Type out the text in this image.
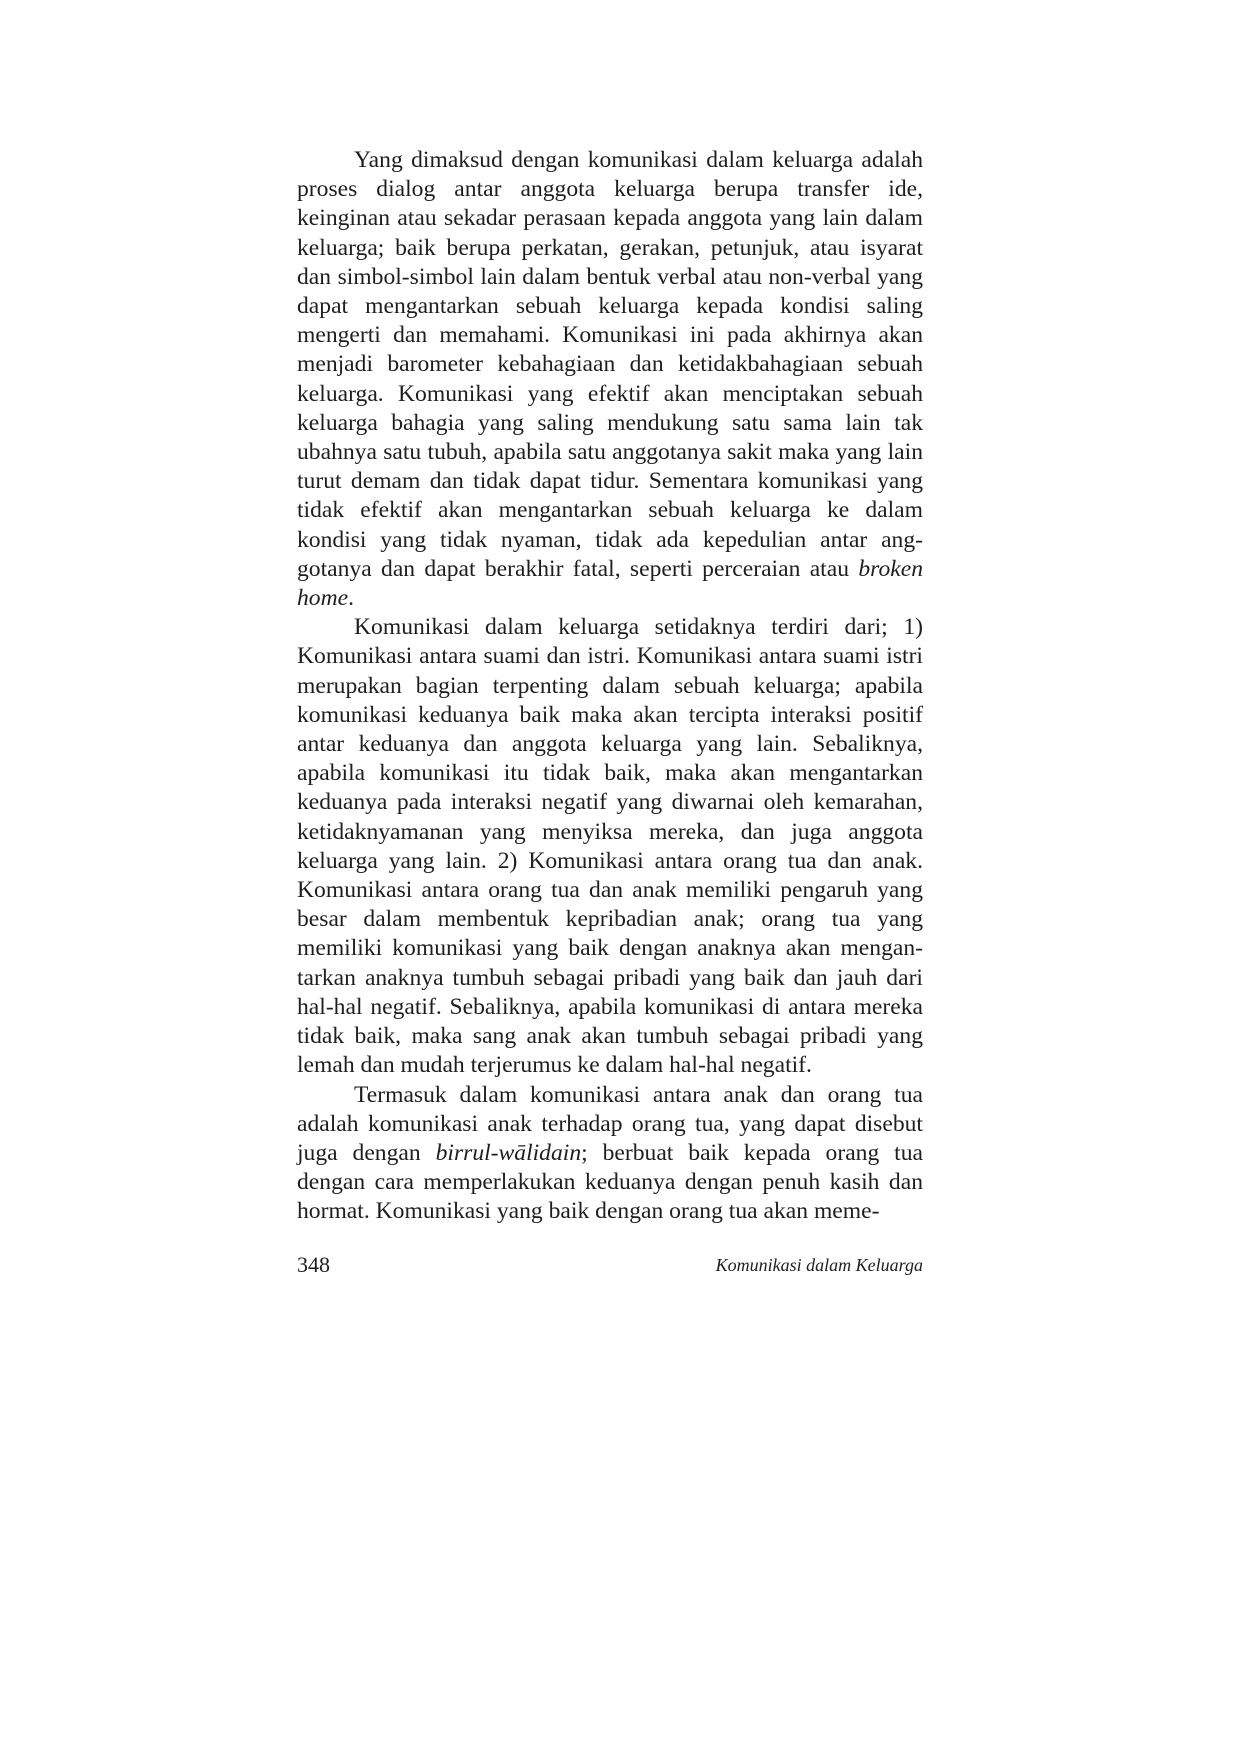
Yang dimaksud dengan komunikasi dalam keluarga adalah proses dialog antar anggota keluarga berupa transfer ide, keinginan atau sekadar perasaan kepada anggota yang lain dalam keluarga; baik berupa perkatan, gerakan, petunjuk, atau isyarat dan simbol-simbol lain dalam bentuk verbal atau non-verbal yang dapat mengantarkan sebuah keluarga kepada kondisi saling mengerti dan memahami. Komunikasi ini pada akhirnya akan menjadi barometer kebahagiaan dan ketidakbahagiaan sebuah keluarga. Komunikasi yang efektif akan menciptakan sebuah keluarga bahagia yang saling mendukung satu sama lain tak ubahnya satu tubuh, apabila satu anggotanya sakit maka yang lain turut demam dan tidak dapat tidur. Sementara komunikasi yang tidak efektif akan mengantarkan sebuah keluarga ke dalam kondisi yang tidak nyaman, tidak ada kepedulian antar anggotanya dan dapat berakhir fatal, seperti perceraian atau broken home.

Komunikasi dalam keluarga setidaknya terdiri dari; 1) Komunikasi antara suami dan istri. Komunikasi antara suami istri merupakan bagian terpenting dalam sebuah keluarga; apabila komunikasi keduanya baik maka akan tercipta interaksi positif antar keduanya dan anggota keluarga yang lain. Sebaliknya, apabila komunikasi itu tidak baik, maka akan mengantarkan keduanya pada interaksi negatif yang diwarnai oleh kemarahan, ketidaknyamanan yang menyiksa mereka, dan juga anggota keluarga yang lain. 2) Komunikasi antara orang tua dan anak. Komunikasi antara orang tua dan anak memiliki pengaruh yang besar dalam membentuk kepribadian anak; orang tua yang memiliki komunikasi yang baik dengan anaknya akan mengantarkan anaknya tumbuh sebagai pribadi yang baik dan jauh dari hal-hal negatif. Sebaliknya, apabila komunikasi di antara mereka tidak baik, maka sang anak akan tumbuh sebagai pribadi yang lemah dan mudah terjerumus ke dalam hal-hal negatif.

Termasuk dalam komunikasi antara anak dan orang tua adalah komunikasi anak terhadap orang tua, yang dapat disebut juga dengan birrul-wālidain; berbuat baik kepada orang tua dengan cara memperlakukan keduanya dengan penuh kasih dan hormat. Komunikasi yang baik dengan orang tua akan meme-

348	Komunikasi dalam Keluarga
